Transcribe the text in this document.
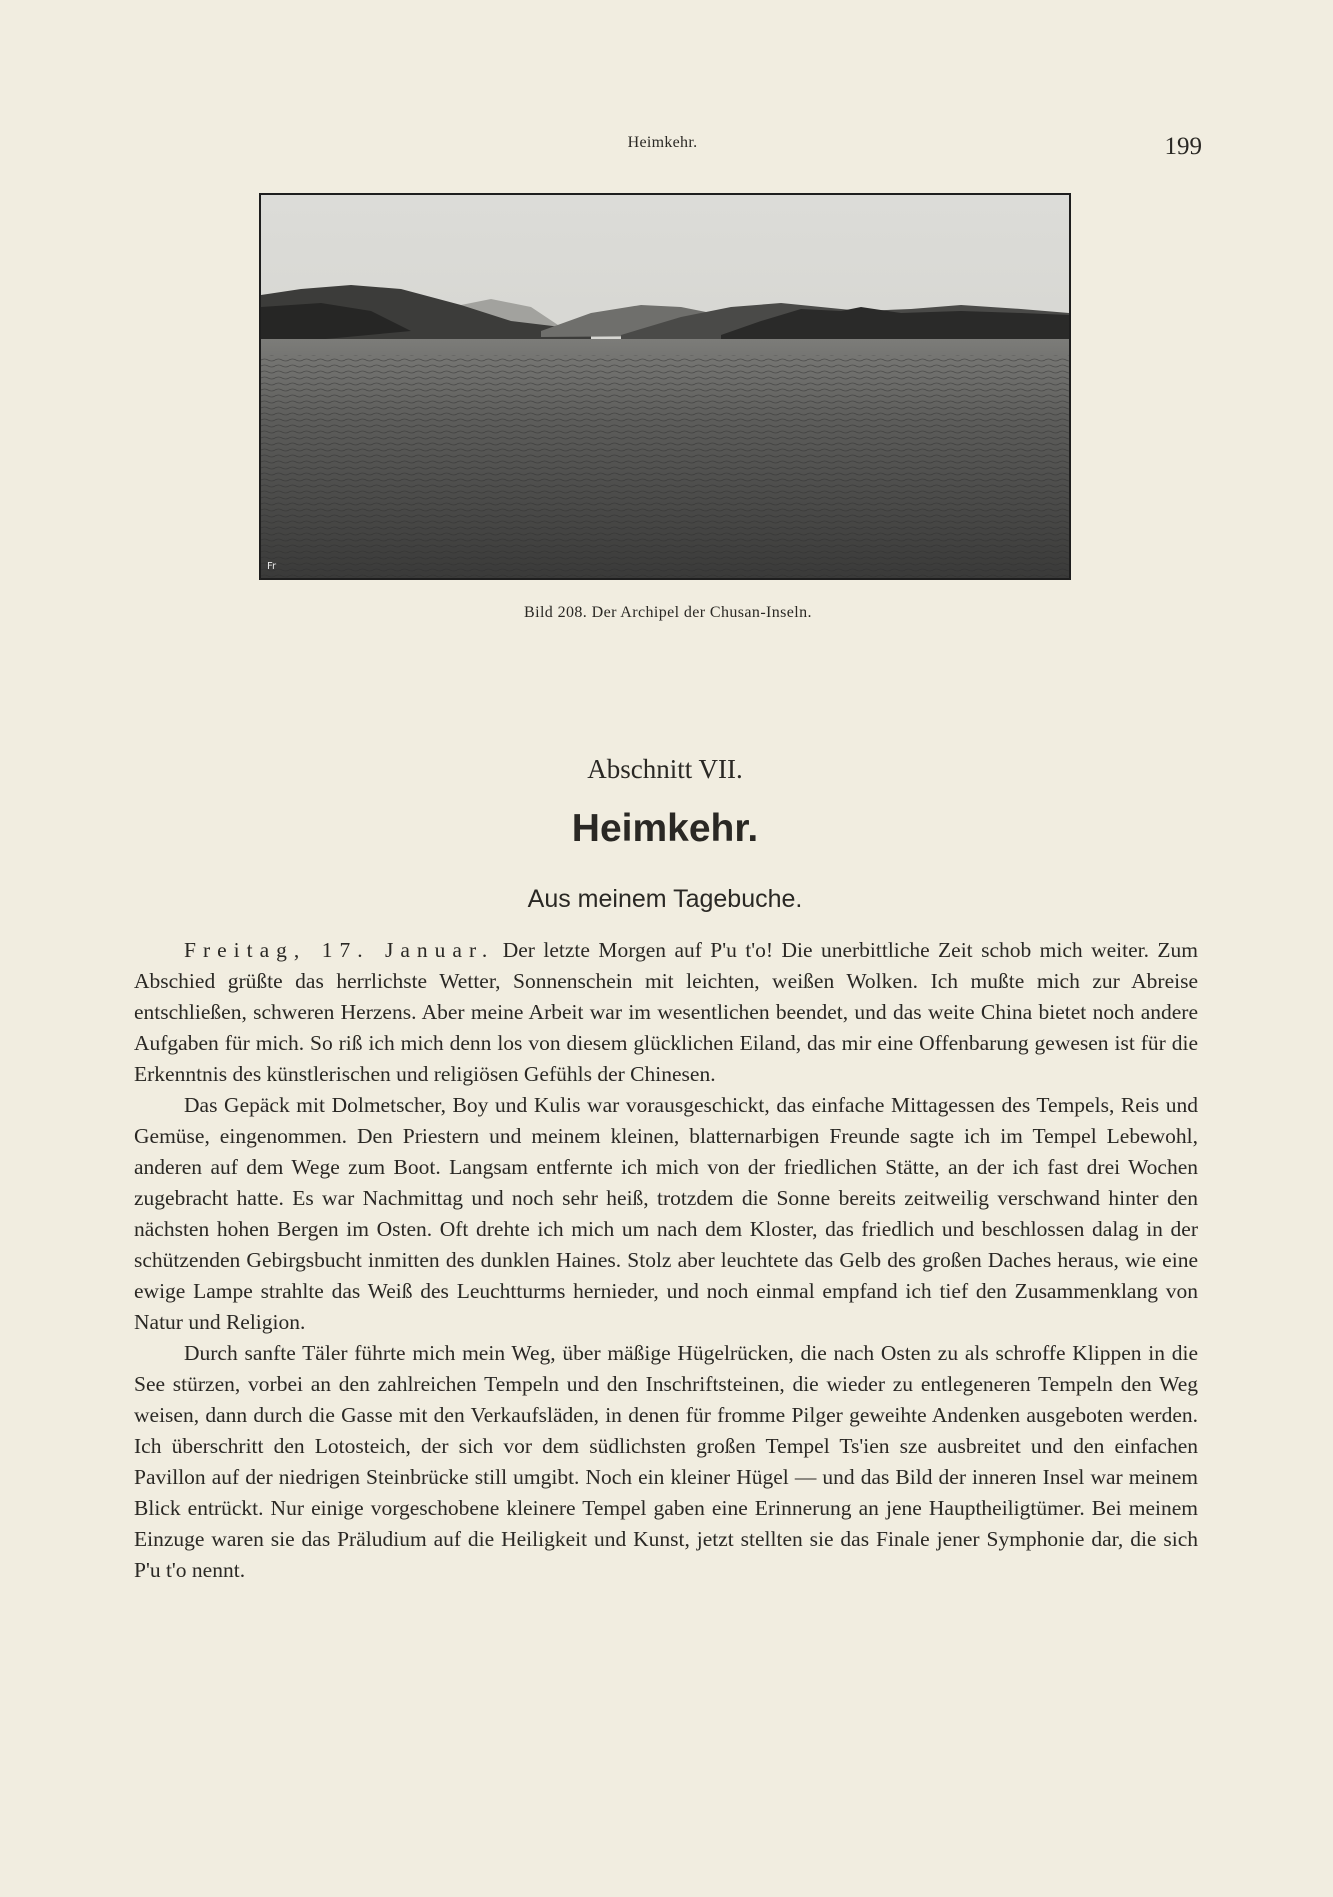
Heimkehr.	199
Fr
Bild 208. Der Archipel der Chusan-Inseln.
Abschnitt VII.
Heimkehr.
Aus meinem Tagebuche.

Freitag, 17. Januar. Der letzte Morgen auf P'u t'o! Die unerbittliche Zeit schob mich weiter. Zum Abschied grüßte das herrlichste Wetter, Sonnenschein mit leichten, weißen Wolken. Ich mußte mich zur Abreise entschließen, schweren Herzens. Aber meine Arbeit war im wesentlichen beendet, und das weite China bietet noch andere Aufgaben für mich. So riß ich mich denn los von diesem glücklichen Eiland, das mir eine Offenbarung gewesen ist für die Erkenntnis des künstlerischen und religiösen Gefühls der Chinesen.

Das Gepäck mit Dolmetscher, Boy und Kulis war vorausgeschickt, das einfache Mittagessen des Tempels, Reis und Gemüse, eingenommen. Den Priestern und meinem kleinen, blatternarbigen Freunde sagte ich im Tempel Lebewohl, anderen auf dem Wege zum Boot. Langsam entfernte ich mich von der friedlichen Stätte, an der ich fast drei Wochen zugebracht hatte. Es war Nachmittag und noch sehr heiß, trotzdem die Sonne bereits zeitweilig verschwand hinter den nächsten hohen Bergen im Osten. Oft drehte ich mich um nach dem Kloster, das friedlich und beschlossen dalag in der schützenden Gebirgsbucht inmitten des dunklen Haines. Stolz aber leuchtete das Gelb des großen Daches heraus, wie eine ewige Lampe strahlte das Weiß des Leuchtturms hernieder, und noch einmal empfand ich tief den Zusammenklang von Natur und Religion.

Durch sanfte Täler führte mich mein Weg, über mäßige Hügelrücken, die nach Osten zu als schroffe Klippen in die See stürzen, vorbei an den zahlreichen Tempeln und den Inschriftsteinen, die wieder zu entlegeneren Tempeln den Weg weisen, dann durch die Gasse mit den Verkaufsläden, in denen für fromme Pilger geweihte Andenken ausgeboten werden. Ich überschritt den Lotosteich, der sich vor dem südlichsten großen Tempel Ts'ien sze ausbreitet und den einfachen Pavillon auf der niedrigen Steinbrücke still umgibt. Noch ein kleiner Hügel — und das Bild der inneren Insel war meinem Blick entrückt. Nur einige vorgeschobene kleinere Tempel gaben eine Erinnerung an jene Hauptheiligtümer. Bei meinem Einzuge waren sie das Präludium auf die Heiligkeit und Kunst, jetzt stellten sie das Finale jener Symphonie dar, die sich P'u t'o nennt.
